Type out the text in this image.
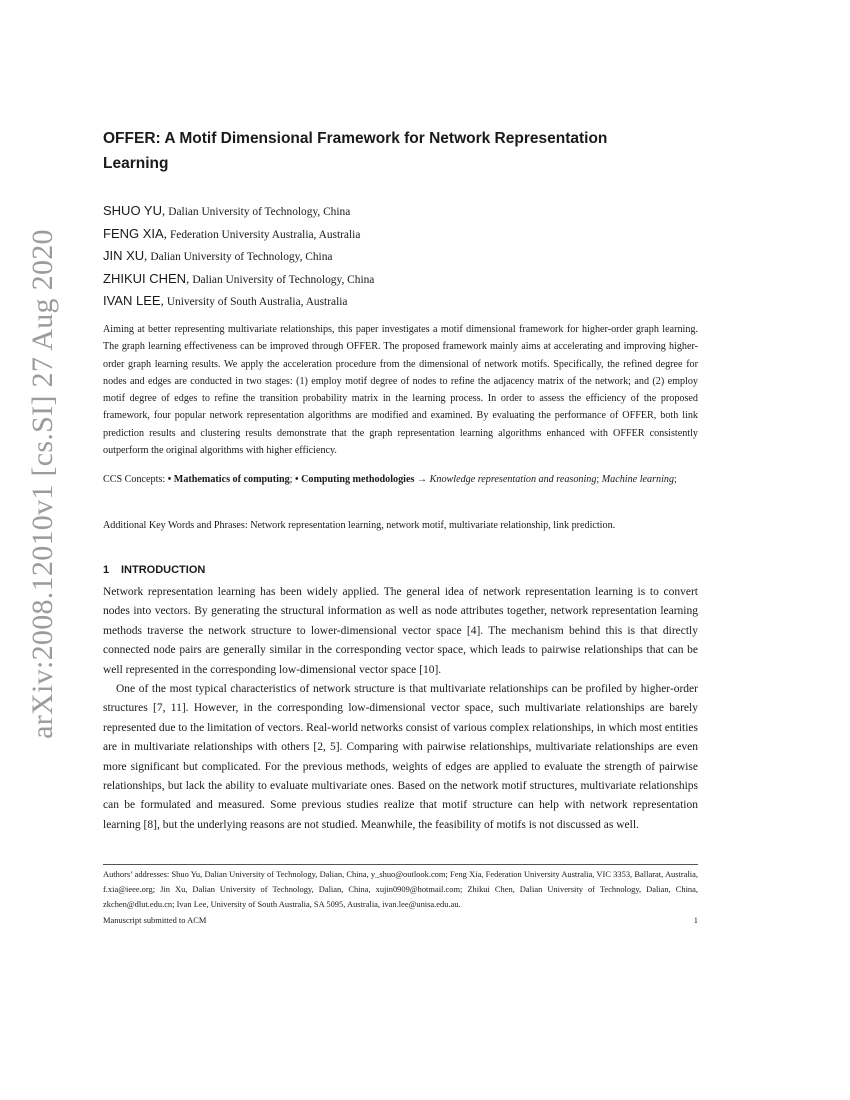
arXiv:2008.12010v1 [cs.SI] 27 Aug 2020
OFFER: A Motif Dimensional Framework for Network Representation Learning
SHUO YU, Dalian University of Technology, China
FENG XIA, Federation University Australia, Australia
JIN XU, Dalian University of Technology, China
ZHIKUI CHEN, Dalian University of Technology, China
IVAN LEE, University of South Australia, Australia

Aiming at better representing multivariate relationships, this paper investigates a motif dimensional framework for higher-order graph learning. The graph learning effectiveness can be improved through OFFER. The proposed framework mainly aims at accelerating and improving higher-order graph learning results. We apply the acceleration procedure from the dimensional of network motifs. Specifically, the refined degree for nodes and edges are conducted in two stages: (1) employ motif degree of nodes to refine the adjacency matrix of the network; and (2) employ motif degree of edges to refine the transition probability matrix in the learning process. In order to assess the efficiency of the proposed framework, four popular network representation algorithms are modified and examined. By evaluating the performance of OFFER, both link prediction results and clustering results demonstrate that the graph representation learning algorithms enhanced with OFFER consistently outperform the original algorithms with higher efficiency.

CCS Concepts: • Mathematics of computing; • Computing methodologies → Knowledge representation and reasoning; Machine learning;

Additional Key Words and Phrases: Network representation learning, network motif, multivariate relationship, link prediction.

1 INTRODUCTION

Network representation learning has been widely applied. The general idea of network representation learning is to convert nodes into vectors. By generating the structural information as well as node attributes together, network representation learning methods traverse the network structure to lower-dimensional vector space [4]. The mechanism behind this is that directly connected node pairs are generally similar in the corresponding vector space, which leads to pairwise relationships that can be well represented in the corresponding low-dimensional vector space [10].

One of the most typical characteristics of network structure is that multivariate relationships can be profiled by higher-order structures [7, 11]. However, in the corresponding low-dimensional vector space, such multivariate relationships are barely represented due to the limitation of vectors. Real-world networks consist of various complex relationships, in which most entities are in multivariate relationships with others [2, 5]. Comparing with pairwise relationships, multivariate relationships are even more significant but complicated. For the previous methods, weights of edges are applied to evaluate the strength of pairwise relationships, but lack the ability to evaluate multivariate ones. Based on the network motif structures, multivariate relationships can be formulated and measured. Some previous studies realize that motif structure can help with network representation learning [8], but the underlying reasons are not studied. Meanwhile, the feasibility of motifs is not discussed as well.

Authors’ addresses: Shuo Yu, Dalian University of Technology, Dalian, China, y_shuo@outlook.com; Feng Xia, Federation University Australia, VIC 3353, Ballarat, Australia, f.xia@ieee.org; Jin Xu, Dalian University of Technology, Dalian, China, xujin0909@hotmail.com; Zhikui Chen, Dalian University of Technology, Dalian, China, zkchen@dlut.edu.cn; Ivan Lee, University of South Australia, SA 5095, Australia, ivan.lee@unisa.edu.au.

Manuscript submitted to ACM	1
